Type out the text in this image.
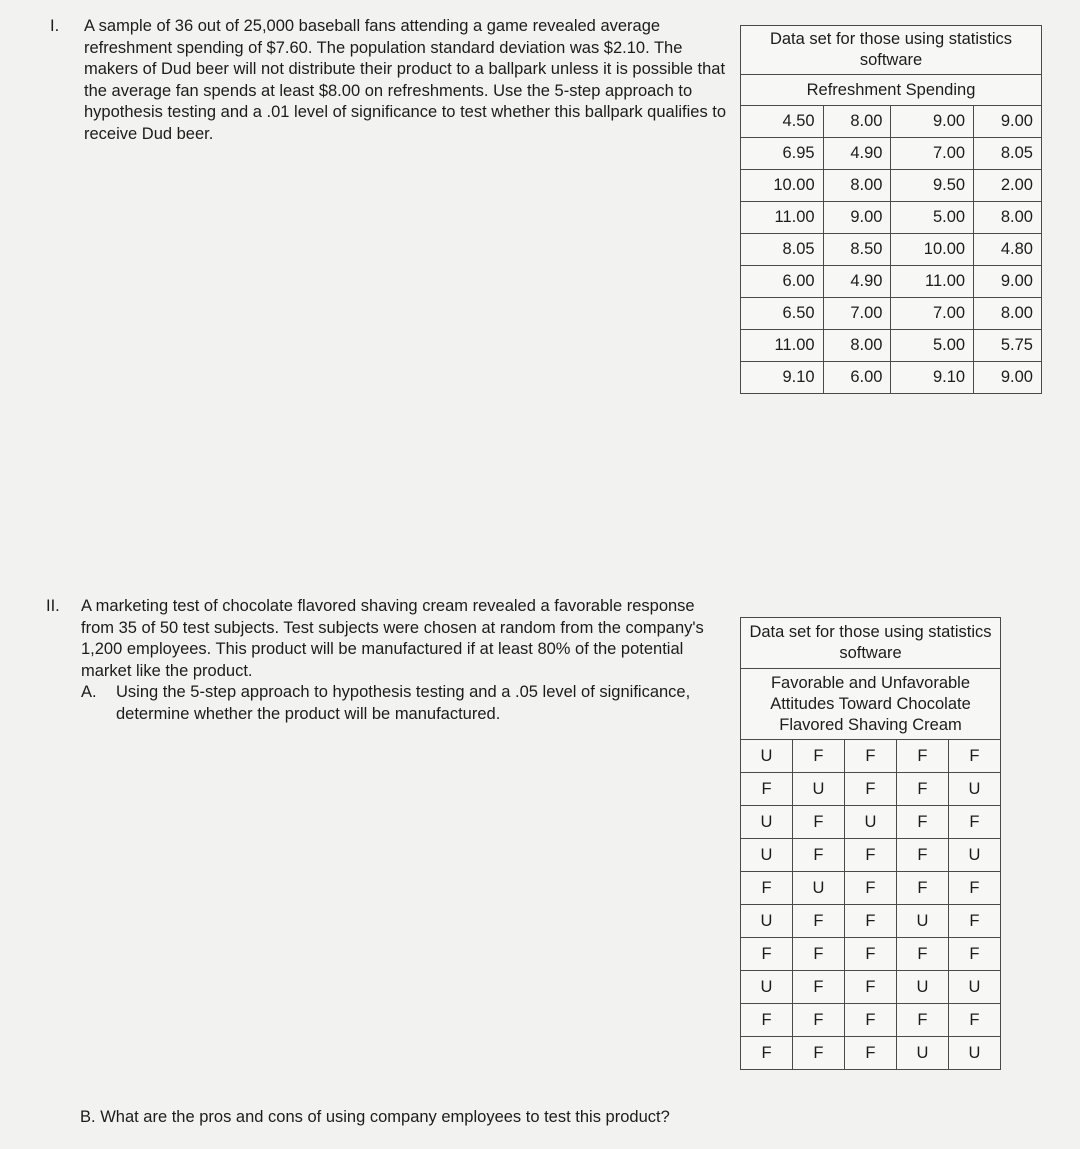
I. A sample of 36 out of 25,000 baseball fans attending a game revealed average refreshment spending of $7.60. The population standard deviation was $2.10. The makers of Dud beer will not distribute their product to a ballpark unless it is possible that the average fan spends at least $8.00 on refreshments. Use the 5-step approach to hypothesis testing and a .01 level of significance to test whether this ballpark qualifies to receive Dud beer.

Data set for those using statistics software			
Refreshment Spending			
4.50	8.00	9.00	9.00
6.95	4.90	7.00	8.05
10.00	8.00	9.50	2.00
11.00	9.00	5.00	8.00
8.05	8.50	10.00	4.80
6.00	4.90	11.00	9.00
6.50	7.00	7.00	8.00
11.00	8.00	5.00	5.75
9.10	6.00	9.10	9.00
II. A marketing test of chocolate flavored shaving cream revealed a favorable response from 35 of 50 test subjects. Test subjects were chosen at random from the company's 1,200 employees. This product will be manufactured if at least 80% of the potential market like the product.

A. Using the 5-step approach to hypothesis testing and a .05 level of significance, determine whether the product will be manufactured.

Data set for those using statistics software				
Favorable and Unfavorable Attitudes Toward Chocolate Flavored Shaving Cream				
U	F	F	F	F
F	U	F	F	U
U	F	U	F	F
U	F	F	F	U
F	U	F	F	F
U	F	F	U	F
F	F	F	F	F
U	F	F	U	U
F	F	F	F	F
F	F	F	U	U
B. What are the pros and cons of using company employees to test this product?
